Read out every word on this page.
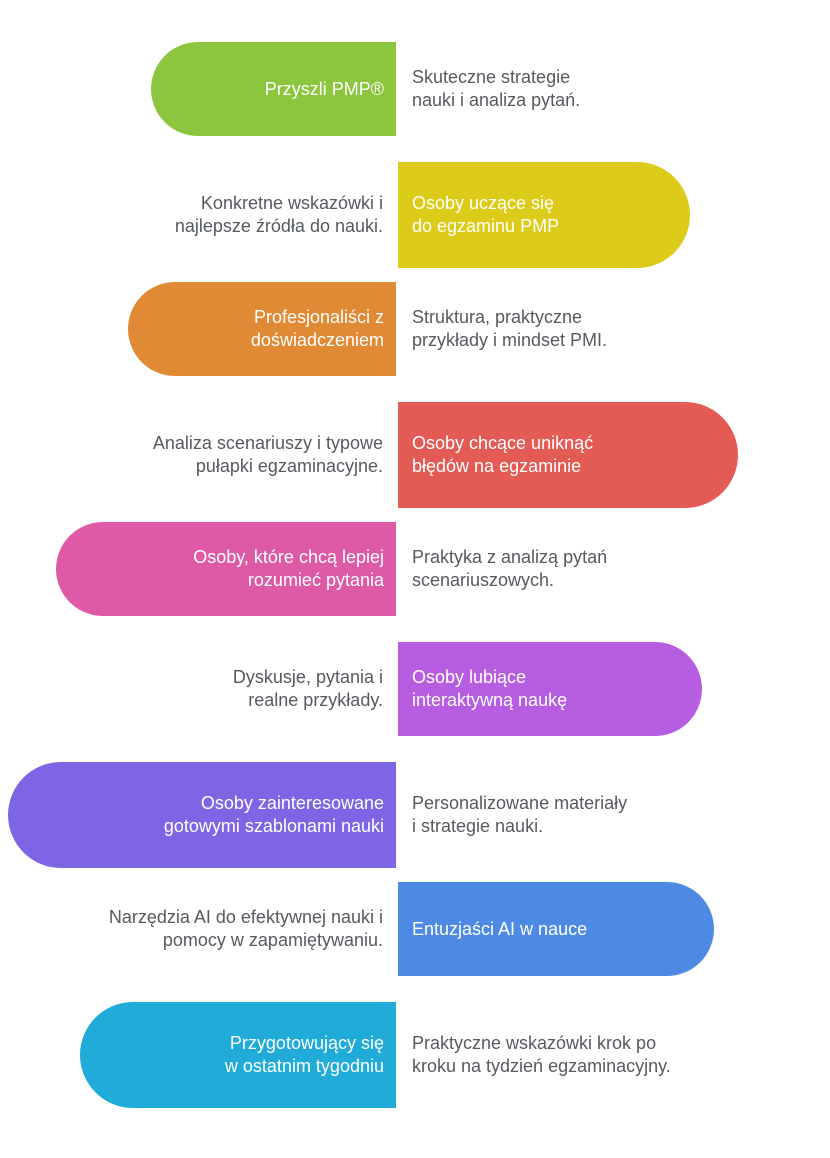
Przyszli PMP®
Skuteczne strategie
nauki i analiza pytań.
Osoby uczące się
do egzaminu PMP
Konkretne wskazówki i
najlepsze źródła do nauki.
Profesjonaliści z
doświadczeniem
Struktura, praktyczne
przykłady i mindset PMI.
Osoby chcące uniknąć
błędów na egzaminie
Analiza scenariuszy i typowe
pułapki egzaminacyjne.
Osoby, które chcą lepiej
rozumieć pytania
Praktyka z analizą pytań
scenariuszowych.
Osoby lubiące
interaktywną naukę
Dyskusje, pytania i
realne przykłady.
Osoby zainteresowane
gotowymi szablonami nauki
Personalizowane materiały
i strategie nauki.
Entuzjaści AI w nauce
Narzędzia AI do efektywnej nauki i
pomocy w zapamiętywaniu.
Przygotowujący się
w ostatnim tygodniu
Praktyczne wskazówki krok po
kroku na tydzień egzaminacyjny.
